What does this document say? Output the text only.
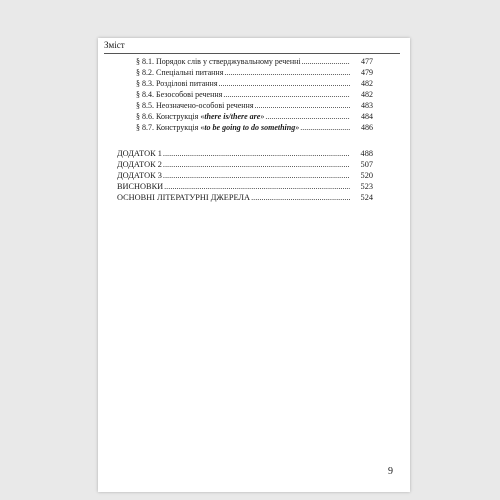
Зміст
§ 8.1. Порядок слів у стверджувальному реченні .....	477
§ 8.2. Спеціальні питання .....	479
§ 8.3. Розділові питання .....	482
§ 8.4. Безособові речення .....	482
§ 8.5. Неозначено-особові речення .....	483
§ 8.6. Конструкція «there is/there are» .....	484
§ 8.7. Конструкція «to be going to do something» .....	486
ДОДАТОК 1 .....	488
ДОДАТОК 2 .....	507
ДОДАТОК 3 .....	520
ВИСНОВКИ .....	523
ОСНОВНІ ЛІТЕРАТУРНІ ДЖЕРЕЛА .....	524
9
